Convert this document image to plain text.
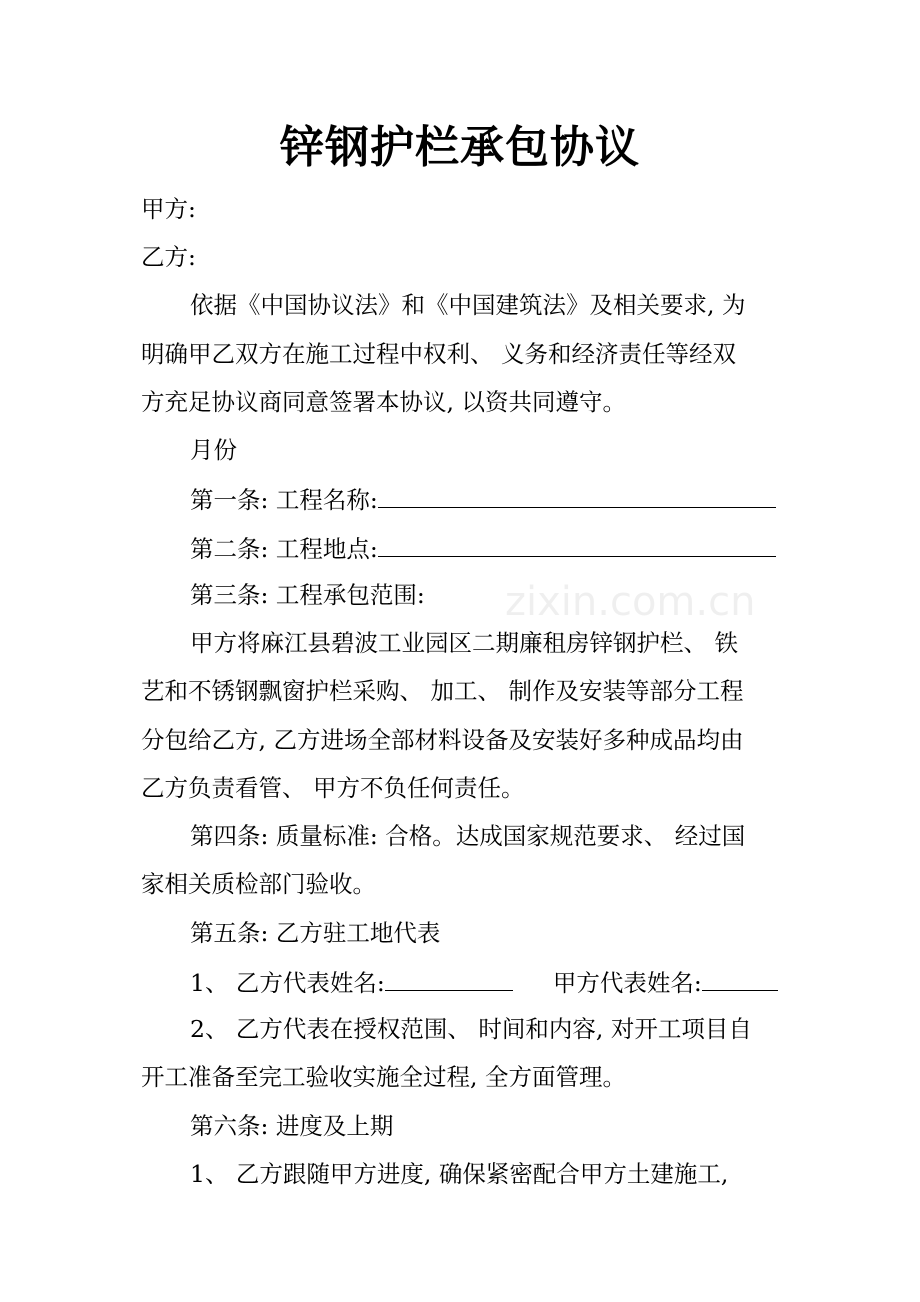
zixin.com.cn
锌钢护栏承包协议
甲方:
乙方:
依据《中国协议法》和《中国建筑法》及相关要求, 为
明确甲乙双方在施工过程中权利、 义务和经济责任等经双
方充足协议商同意签署本协议, 以资共同遵守。
月份
第一条: 工程名称:
第二条: 工程地点:
第三条: 工程承包范围:
甲方将麻江县碧波工业园区二期廉租房锌钢护栏、 铁
艺和不锈钢飘窗护栏采购、 加工、 制作及安装等部分工程
分包给乙方, 乙方进场全部材料设备及安装好多种成品均由
乙方负责看管、 甲方不负任何责任。
第四条: 质量标准: 合格。达成国家规范要求、 经过国
家相关质检部门验收。
第五条: 乙方驻工地代表
1、 乙方代表姓名:	甲方代表姓名:
2、 乙方代表在授权范围、 时间和内容, 对开工项目自
开工准备至完工验收实施全过程, 全方面管理。
第六条: 进度及上期
1、 乙方跟随甲方进度, 确保紧密配合甲方土建施工,
